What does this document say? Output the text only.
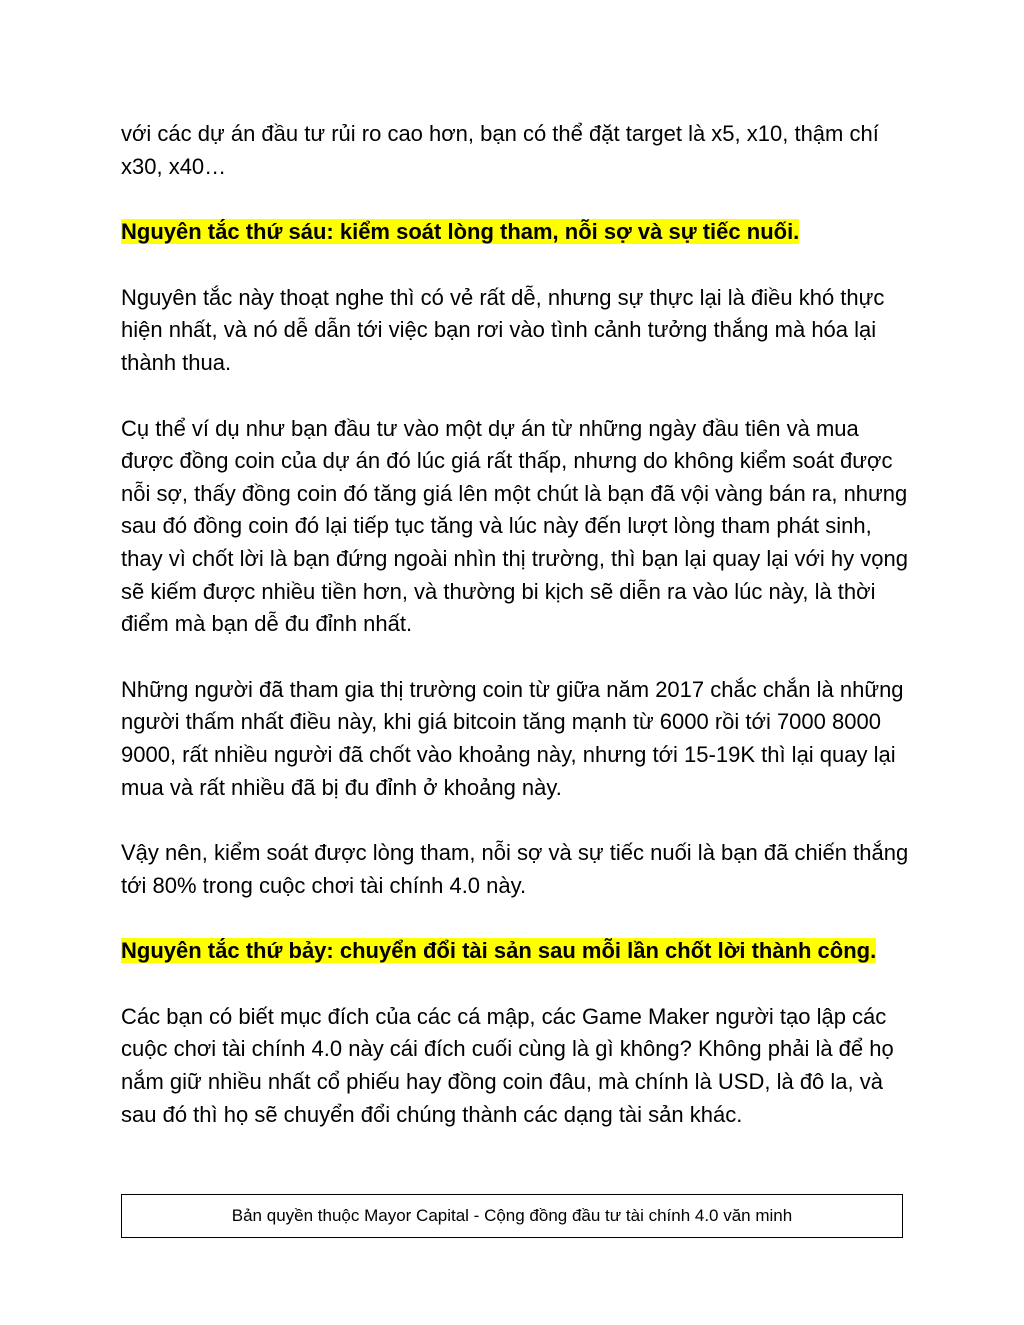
với các dự án đầu tư rủi ro cao hơn, bạn có thể đặt target là x5, x10, thậm chí x30, x40…

Nguyên tắc thứ sáu: kiểm soát lòng tham, nỗi sợ và sự tiếc nuối.

Nguyên tắc này thoạt nghe thì có vẻ rất dễ, nhưng sự thực lại là điều khó thực hiện nhất, và nó dễ dẫn tới việc bạn rơi vào tình cảnh tưởng thắng mà hóa lại thành thua.

Cụ thể ví dụ như bạn đầu tư vào một dự án từ những ngày đầu tiên và mua được đồng coin của dự án đó lúc giá rất thấp, nhưng do không kiểm soát được nỗi sợ, thấy đồng coin đó tăng giá lên một chút là bạn đã vội vàng bán ra, nhưng sau đó đồng coin đó lại tiếp tục tăng và lúc này đến lượt lòng tham phát sinh, thay vì chốt lời là bạn đứng ngoài nhìn thị trường, thì bạn lại quay lại với hy vọng sẽ kiếm được nhiều tiền hơn, và thường bi kịch sẽ diễn ra vào lúc này, là thời điểm mà bạn dễ đu đỉnh nhất.

Những người đã tham gia thị trường coin từ giữa năm 2017 chắc chắn là những người thấm nhất điều này, khi giá bitcoin tăng mạnh từ 6000 rồi tới 7000 8000 9000, rất nhiều người đã chốt vào khoảng này, nhưng tới 15-19K thì lại quay lại mua và rất nhiều đã bị đu đỉnh ở khoảng này.

Vậy nên, kiểm soát được lòng tham, nỗi sợ và sự tiếc nuối là bạn đã chiến thắng tới 80% trong cuộc chơi tài chính 4.0 này.

Nguyên tắc thứ bảy: chuyển đổi tài sản sau mỗi lần chốt lời thành công.

Các bạn có biết mục đích của các cá mập, các Game Maker người tạo lập các cuộc chơi tài chính 4.0 này cái đích cuối cùng là gì không? Không phải là để họ nắm giữ nhiều nhất cổ phiếu hay đồng coin đâu, mà chính là USD, là đô la, và sau đó thì họ sẽ chuyển đổi chúng thành các dạng tài sản khác.

Bản quyền thuộc Mayor Capital - Cộng đồng đầu tư tài chính 4.0 văn minh
